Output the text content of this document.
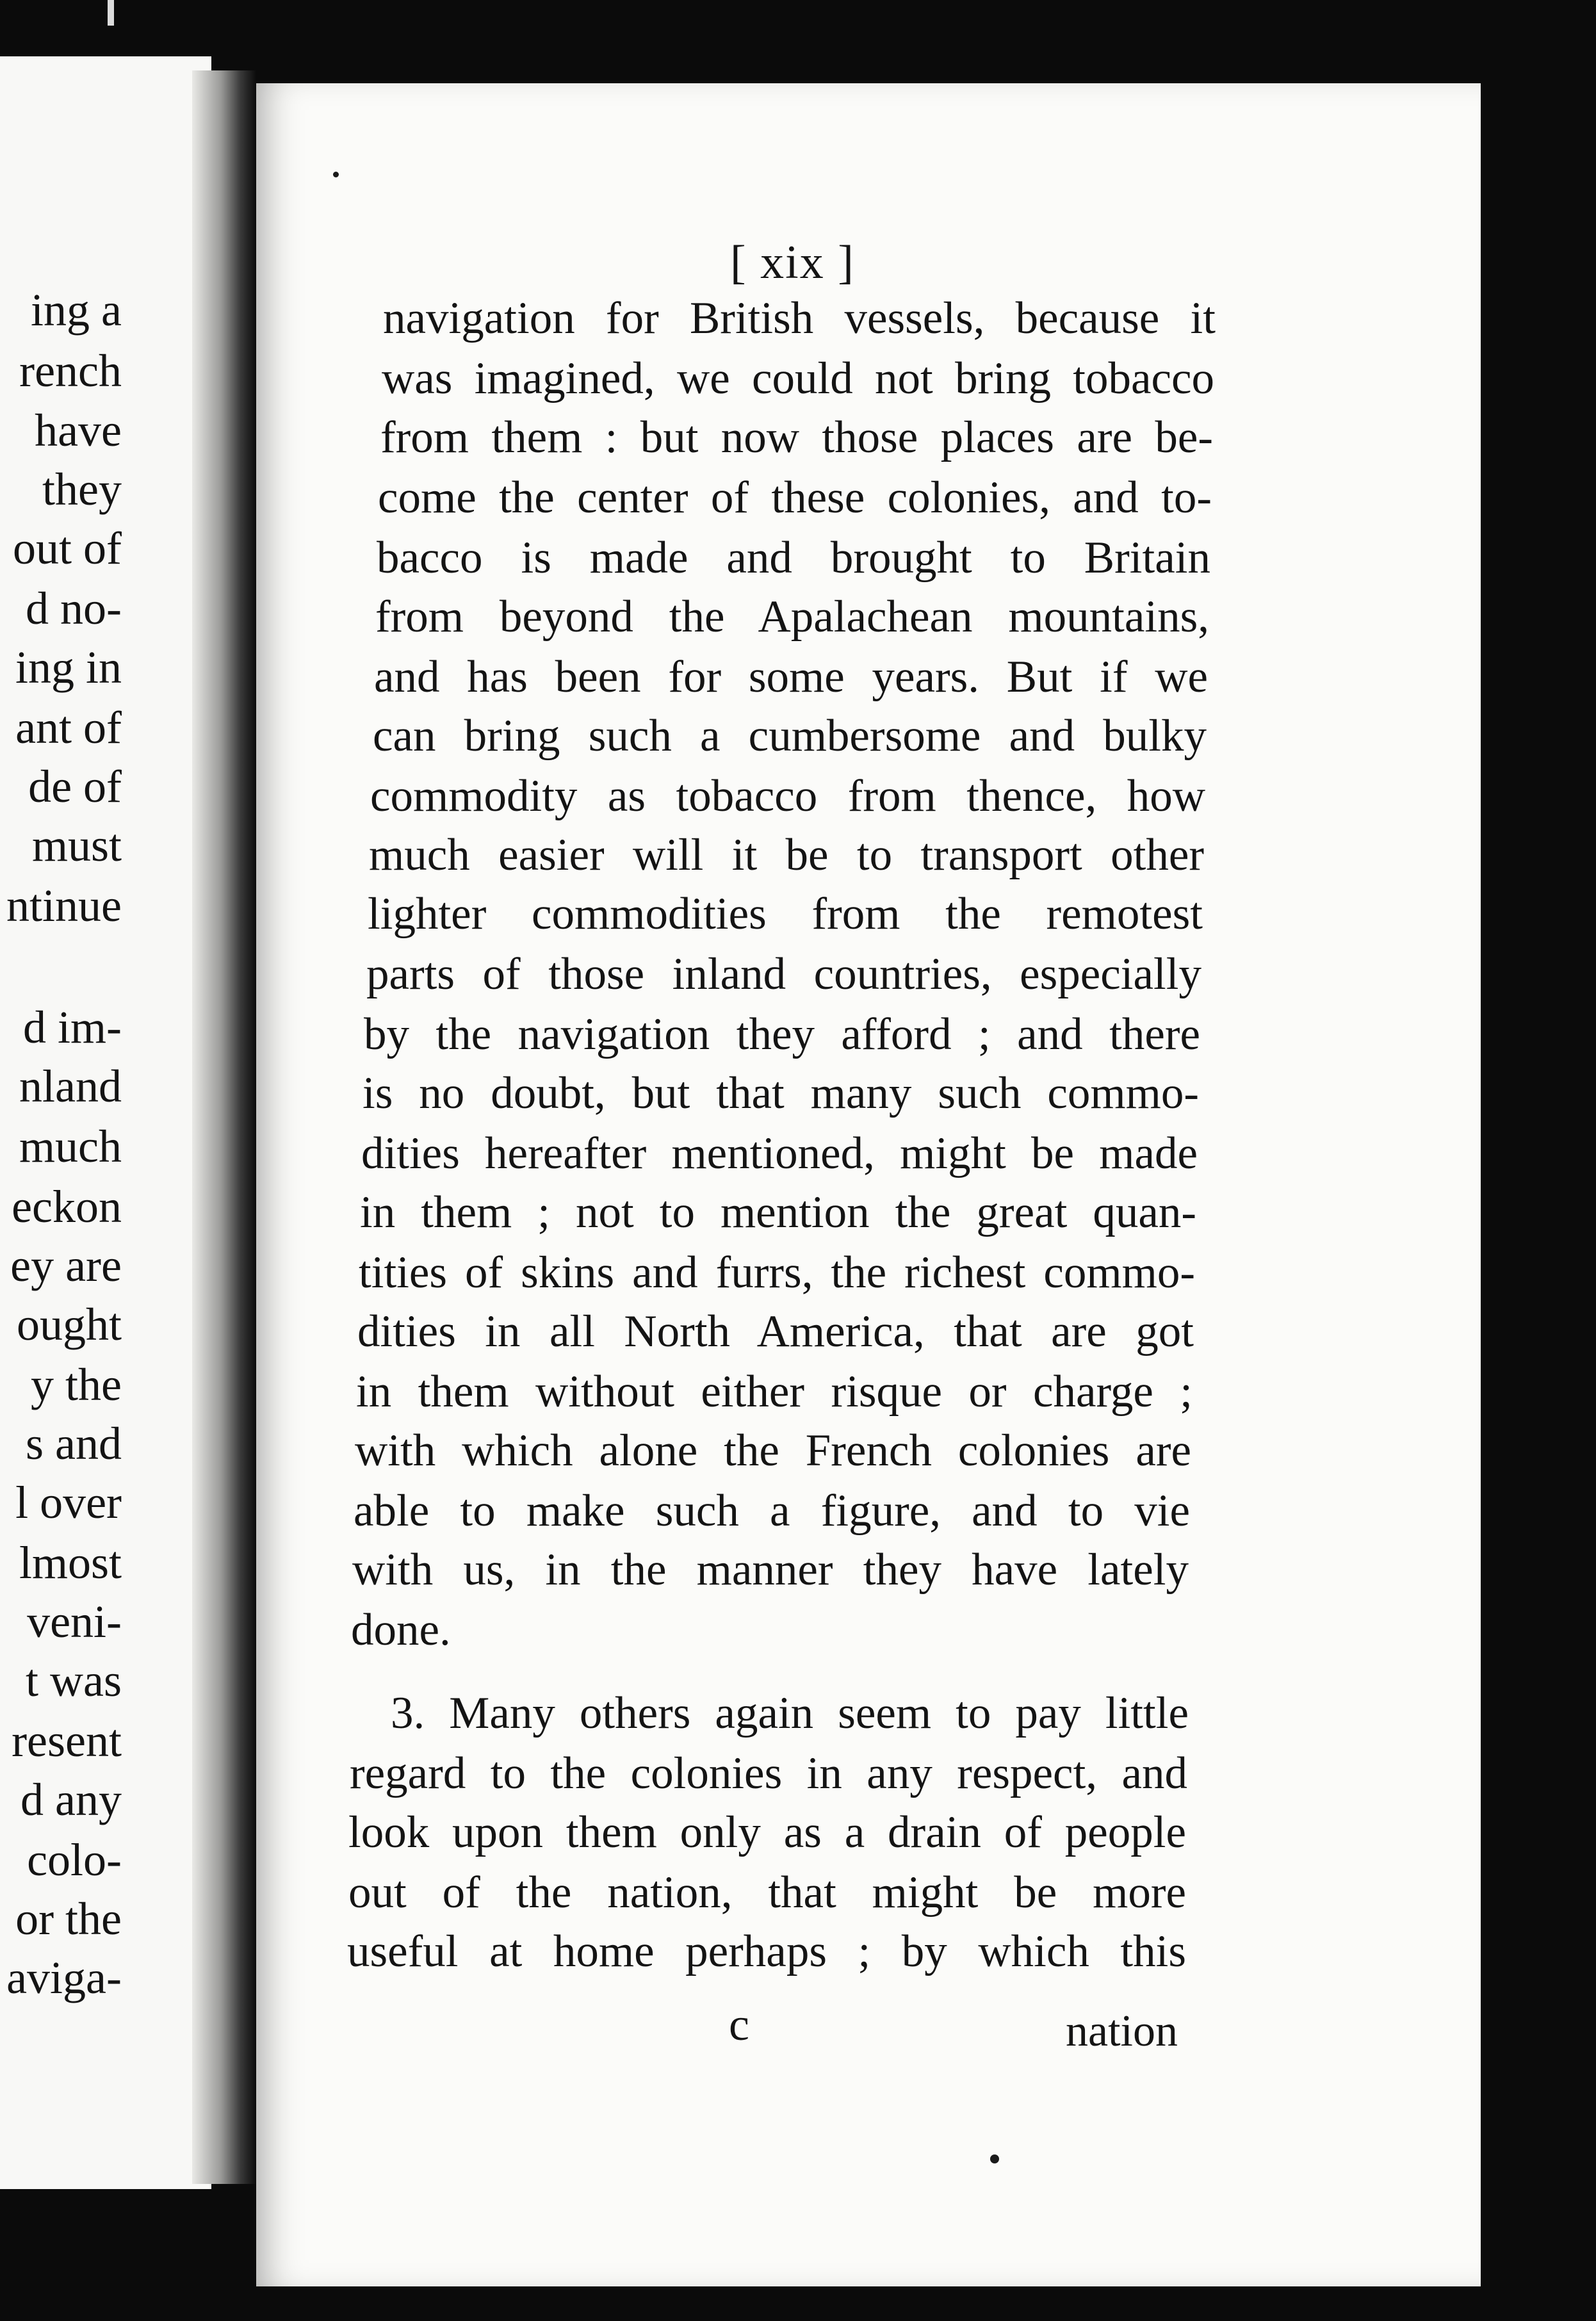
ing a
rench
have
they
out of
d no-
ing in
ant of
de of
must
ntinue
d im-
nland
much
eckon
ey are
ought
y the
s and
l over
lmost
veni-
t was
resent
d any
colo-
or the
aviga-
[ xix ]
navigation for British vessels, because it
was imagined, we could not bring tobacco
from them : but now those places are be-
come the center of these colonies, and to-
bacco is made and brought to Britain
from beyond the Apalachean mountains,
and has been for some years. But if we
can bring such a cumbersome and bulky
commodity as tobacco from thence, how
much easier will it be to transport other
lighter commodities from the remotest
parts of those inland countries, especially
by the navigation they afford ; and there
is no doubt, but that many such commo-
dities hereafter mentioned, might be made
in them ; not to mention the great quan-
tities of skins and furrs, the richest commo-
dities in all North America, that are got
in them without either risque or charge ;
with which alone the French colonies are
able to make such a figure, and to vie
with us, in the manner they have lately
done.
3. Many others again seem to pay little
regard to the colonies in any respect, and
look upon them only as a drain of people
out of the nation, that might be more
useful at home perhaps ; by which this
c	nation
